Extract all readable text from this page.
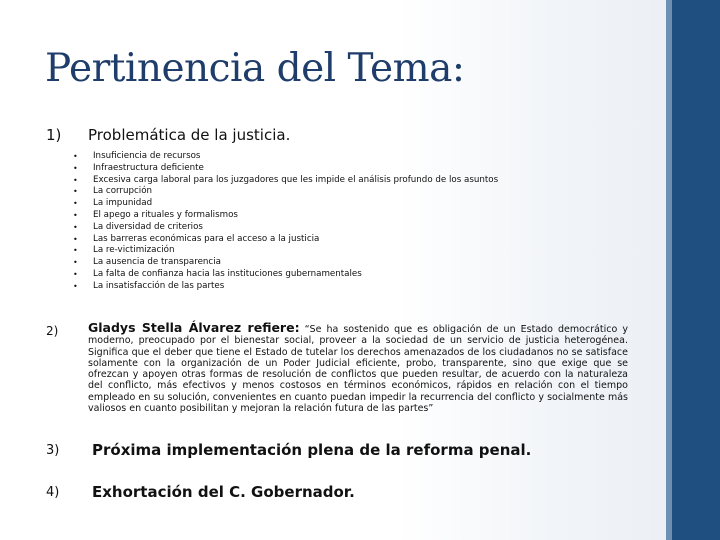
Pertinencia del Tema:
1) Problemática de la justicia.
• Insuficiencia de recursos
• Infraestructura deficiente
• Excesiva carga laboral para los juzgadores que les impide el análisis profundo de los asuntos
• La corrupción
• La impunidad
• El apego a rituales y formalismos
• La diversidad de criterios
• Las barreras económicas para el acceso a la justicia
• La re-victimización
• La ausencia de transparencia
• La falta de confianza hacia las instituciones gubernamentales
• La insatisfacción de las partes
2) Gladys Stella Álvarez refiere: “Se ha sostenido que es obligación de un Estado democrático y moderno, preocupado por el bienestar social, proveer a la sociedad de un servicio de justicia heterogénea. Significa que el deber que tiene el Estado de tutelar los derechos amenazados de los ciudadanos no se satisface solamente con la organización de un Poder Judicial eficiente, probo, transparente, sino que exige que se ofrezcan y apoyen otras formas de resolución de conflictos que pueden resultar, de acuerdo con la naturaleza del conflicto, más efectivos y menos costosos en términos económicos, rápidos en relación con el tiempo empleado en su solución, convenientes en cuanto puedan impedir la recurrencia del conflicto y socialmente más valiosos en cuanto posibilitan y mejoran la relación futura de las partes”
3) Próxima implementación plena de la reforma penal.
4) Exhortación del C. Gobernador.
